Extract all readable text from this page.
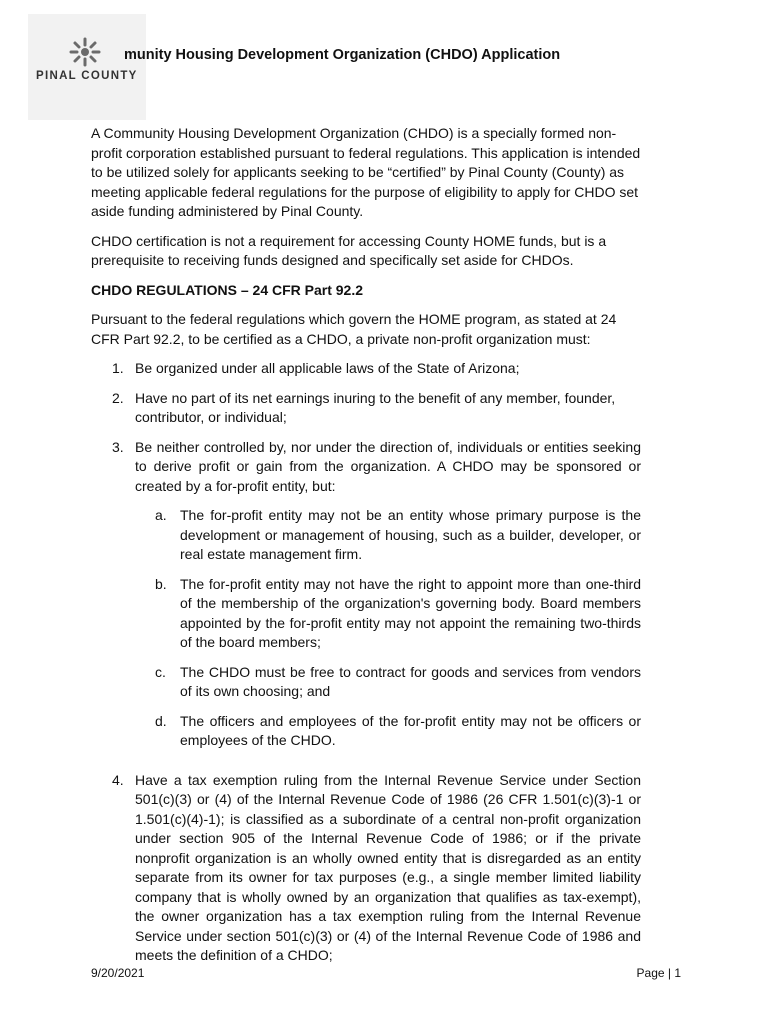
PINAL COUNTY
munity Housing Development Organization (CHDO) Application

A Community Housing Development Organization (CHDO) is a specially formed non-profit corporation established pursuant to federal regulations. This application is intended to be utilized solely for applicants seeking to be “certified” by Pinal County (County) as meeting applicable federal regulations for the purpose of eligibility to apply for CHDO set aside funding administered by Pinal County.

CHDO certification is not a requirement for accessing County HOME funds, but is a prerequisite to receiving funds designed and specifically set aside for CHDOs.

CHDO REGULATIONS – 24 CFR Part 92.2

Pursuant to the federal regulations which govern the HOME program, as stated at 24 CFR Part 92.2, to be certified as a CHDO, a private non-profit organization must:

1. Be organized under all applicable laws of the State of Arizona;
2. Have no part of its net earnings inuring to the benefit of any member, founder, contributor, or individual;
3. Be neither controlled by, nor under the direction of, individuals or entities seeking to derive profit or gain from the organization. A CHDO may be sponsored or created by a for-profit entity, but:
a. The for-profit entity may not be an entity whose primary purpose is the development or management of housing, such as a builder, developer, or real estate management firm.
b. The for-profit entity may not have the right to appoint more than one-third of the membership of the organization's governing body. Board members appointed by the for-profit entity may not appoint the remaining two-thirds of the board members;
c.	The CHDO must be free to contract for goods and services from vendors of its own choosing; and
d. The officers and employees of the for-profit entity may not be officers or employees of the CHDO.
4. Have a tax exemption ruling from the Internal Revenue Service under Section 501(c)(3) or (4) of the Internal Revenue Code of 1986 (26 CFR 1.501(c)(3)-1 or 1.501(c)(4)-1); is classified as a subordinate of a central non-profit organization under section 905 of the Internal Revenue Code of 1986; or if the private nonprofit organization is an wholly owned entity that is disregarded as an entity separate from its owner for tax purposes (e.g., a single member limited liability company that is wholly owned by an organization that qualifies as tax-exempt), the owner organization has a tax exemption ruling from the Internal Revenue Service under section 501(c)(3) or (4) of the Internal Revenue Code of 1986 and meets the definition of a CHDO;
9/20/2021	Page | 1
